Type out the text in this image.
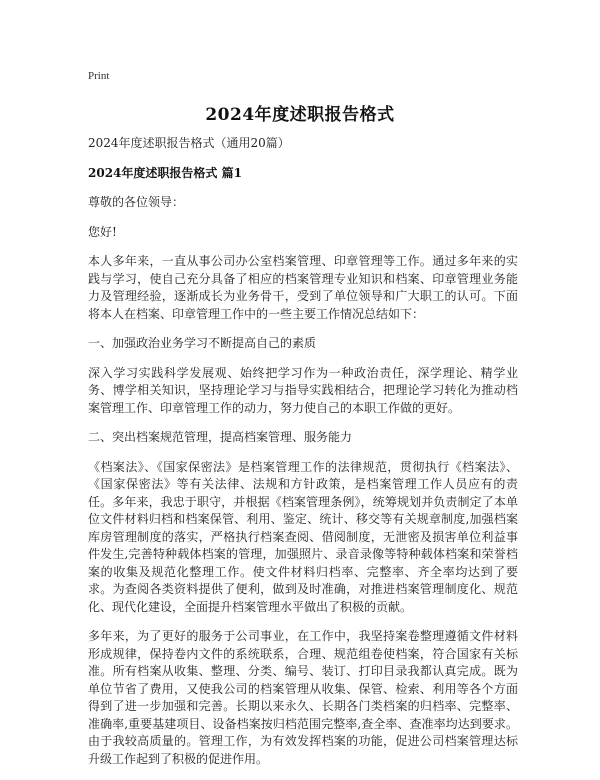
Print
2024年度述职报告格式
2024年度述职报告格式（通用20篇）
2024年度述职报告格式 篇1
尊敬的各位领导：
您好!
本人多年来，一直从事公司办公室档案管理、印章管理等工作。通过多年来的实践与学习，使自己充分具备了相应的档案管理专业知识和档案、印章管理业务能力及管理经验，逐渐成长为业务骨干，受到了单位领导和广大职工的认可。下面将本人在档案、印章管理工作中的一些主要工作情况总结如下：
一、加强政治业务学习不断提高自己的素质
深入学习实践科学发展观、始终把学习作为一种政治责任，深学理论、精学业务、博学相关知识，坚持理论学习与指导实践相结合，把理论学习转化为推动档案管理工作、印章管理工作的动力，努力使自己的本职工作做的更好。
二、突出档案规范管理，提高档案管理、服务能力
《档案法》、《国家保密法》是档案管理工作的法律规范，贯彻执行《档案法》、《国家保密法》等有关法律、法规和方针政策，是档案管理工作人员应有的责任。多年来，我忠于职守，并根据《档案管理条例》，统筹规划并负责制定了本单位文件材料归档和档案保管、利用、鉴定、统计、移交等有关规章制度,加强档案库房管理制度的落实，严格执行档案查阅、借阅制度，无泄密及损害单位利益事件发生,完善特种载体档案的管理，加强照片、录音录像等特种载体档案和荣誉档案的收集及规范化整理工作。使文件材料归档率、完整率、齐全率均达到了要求。为查阅各类资料提供了便利，做到及时准确，对推进档案管理制度化、规范化、现代化建设，全面提升档案管理水平做出了积极的贡献。
多年来，为了更好的服务于公司事业，在工作中，我坚持案卷整理遵循文件材料形成规律，保持卷内文件的系统联系，合理、规范组卷使档案，符合国家有关标准。所有档案从收集、整理、分类、编号、装订、打印目录我都认真完成。既为单位节省了费用，又使我公司的档案管理从收集、保管、检索、利用等各个方面得到了进一步加强和完善。长期以来永久、长期各门类档案的归档率、完整率、准确率,重要基建项目、设备档案按归档范围完整率,查全率、查准率均达到要求。由于我较高质量的。管理工作，为有效发挥档案的功能，促进公司档案管理达标升级工作起到了积极的促进作用。
